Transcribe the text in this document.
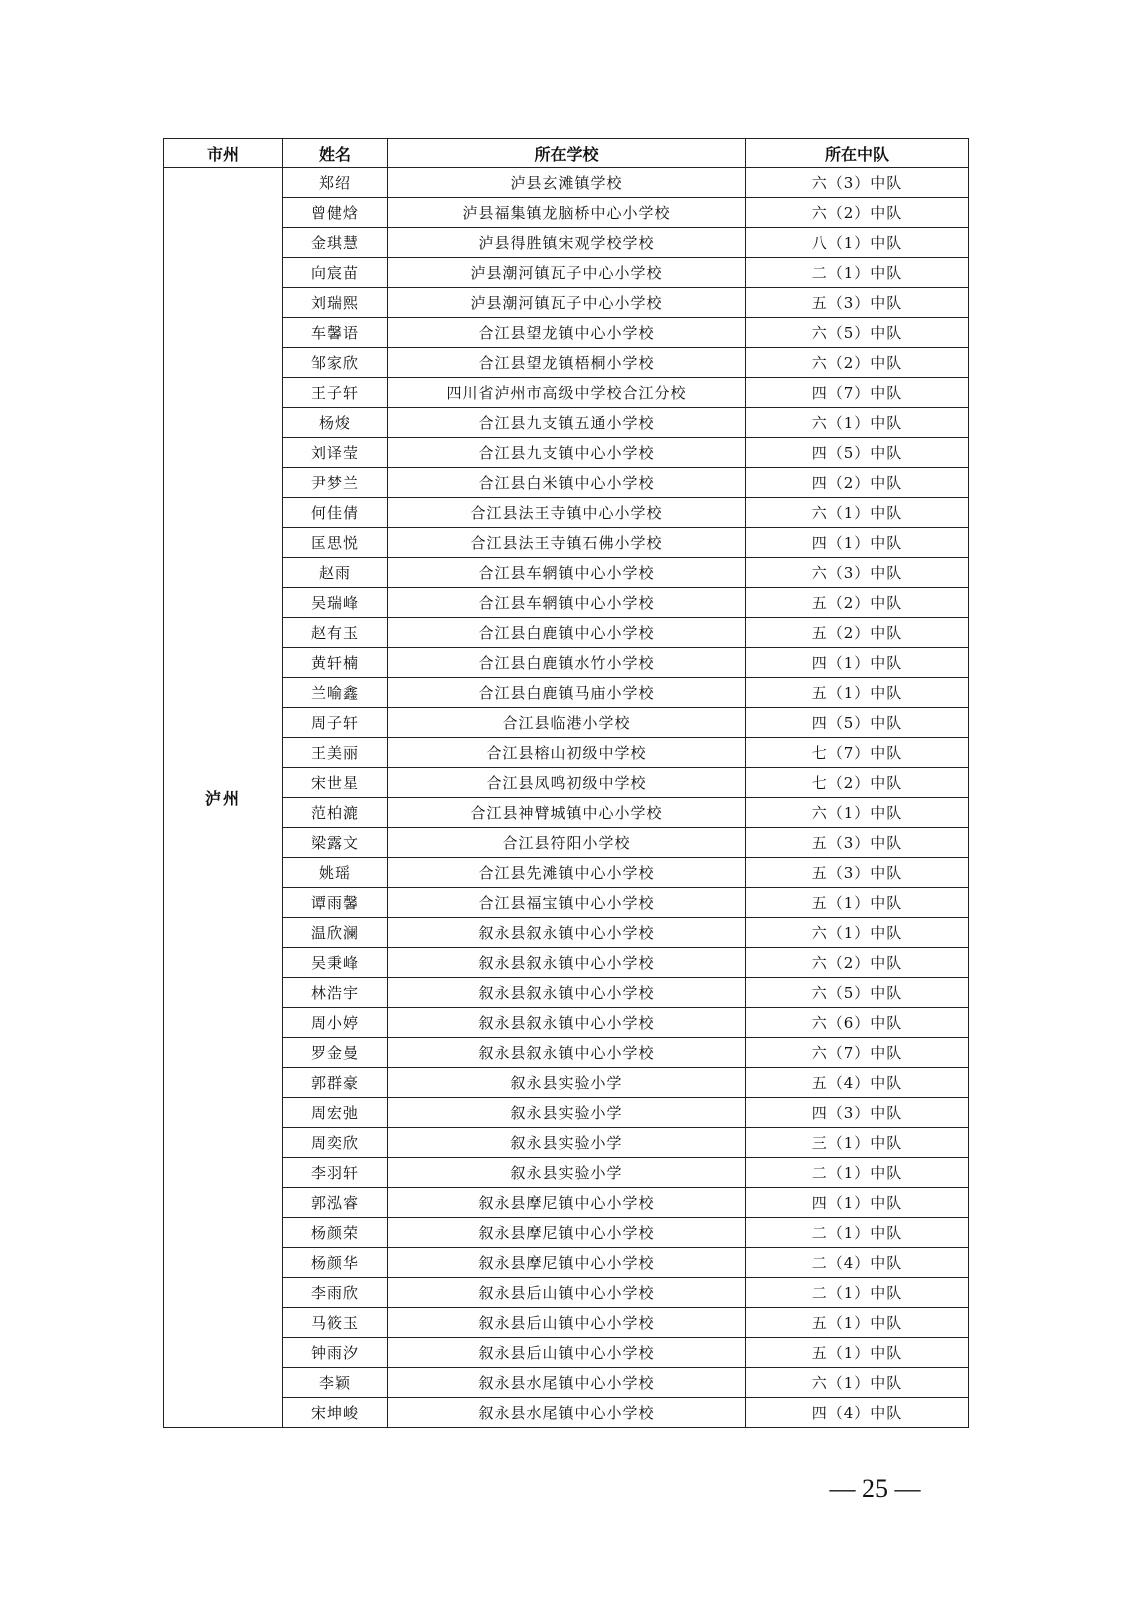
市州	姓名	所在学校	所在中队
泸州	郑绍	泸县玄滩镇学校	六（3）中队
	曾健焓	泸县福集镇龙脑桥中心小学校	六（2）中队
	金琪慧	泸县得胜镇宋观学校学校	八（1）中队
	向宸苗	泸县潮河镇瓦子中心小学校	二（1）中队
	刘瑞熙	泸县潮河镇瓦子中心小学校	五（3）中队
	车馨语	合江县望龙镇中心小学校	六（5）中队
	邹家欣	合江县望龙镇梧桐小学校	六（2）中队
	王子轩	四川省泸州市高级中学校合江分校	四（7）中队
	杨焌	合江县九支镇五通小学校	六（1）中队
	刘译莹	合江县九支镇中心小学校	四（5）中队
	尹梦兰	合江县白米镇中心小学校	四（2）中队
	何佳倩	合江县法王寺镇中心小学校	六（1）中队
	匡思悦	合江县法王寺镇石佛小学校	四（1）中队
	赵雨	合江县车辋镇中心小学校	六（3）中队
	吴瑞峰	合江县车辋镇中心小学校	五（2）中队
	赵有玉	合江县白鹿镇中心小学校	五（2）中队
	黄轩楠	合江县白鹿镇水竹小学校	四（1）中队
	兰喻鑫	合江县白鹿镇马庙小学校	五（1）中队
	周子轩	合江县临港小学校	四（5）中队
	王美丽	合江县榕山初级中学校	七（7）中队
	宋世星	合江县凤鸣初级中学校	七（2）中队
	范柏漉	合江县神臂城镇中心小学校	六（1）中队
	梁露文	合江县符阳小学校	五（3）中队
	姚瑶	合江县先滩镇中心小学校	五（3）中队
	谭雨馨	合江县福宝镇中心小学校	五（1）中队
	温欣澜	叙永县叙永镇中心小学校	六（1）中队
	吴秉峰	叙永县叙永镇中心小学校	六（2）中队
	林浩宇	叙永县叙永镇中心小学校	六（5）中队
	周小婷	叙永县叙永镇中心小学校	六（6）中队
	罗金曼	叙永县叙永镇中心小学校	六（7）中队
	郭群豪	叙永县实验小学	五（4）中队
	周宏弛	叙永县实验小学	四（3）中队
	周奕欣	叙永县实验小学	三（1）中队
	李羽轩	叙永县实验小学	二（1）中队
	郭泓睿	叙永县摩尼镇中心小学校	四（1）中队
	杨颜荣	叙永县摩尼镇中心小学校	二（1）中队
	杨颜华	叙永县摩尼镇中心小学校	二（4）中队
	李雨欣	叙永县后山镇中心小学校	二（1）中队
	马筱玉	叙永县后山镇中心小学校	五（1）中队
	钟雨汐	叙永县后山镇中心小学校	五（1）中队
	李颖	叙永县水尾镇中心小学校	六（1）中队
	宋坤峻	叙永县水尾镇中心小学校	四（4）中队
— 25 —
